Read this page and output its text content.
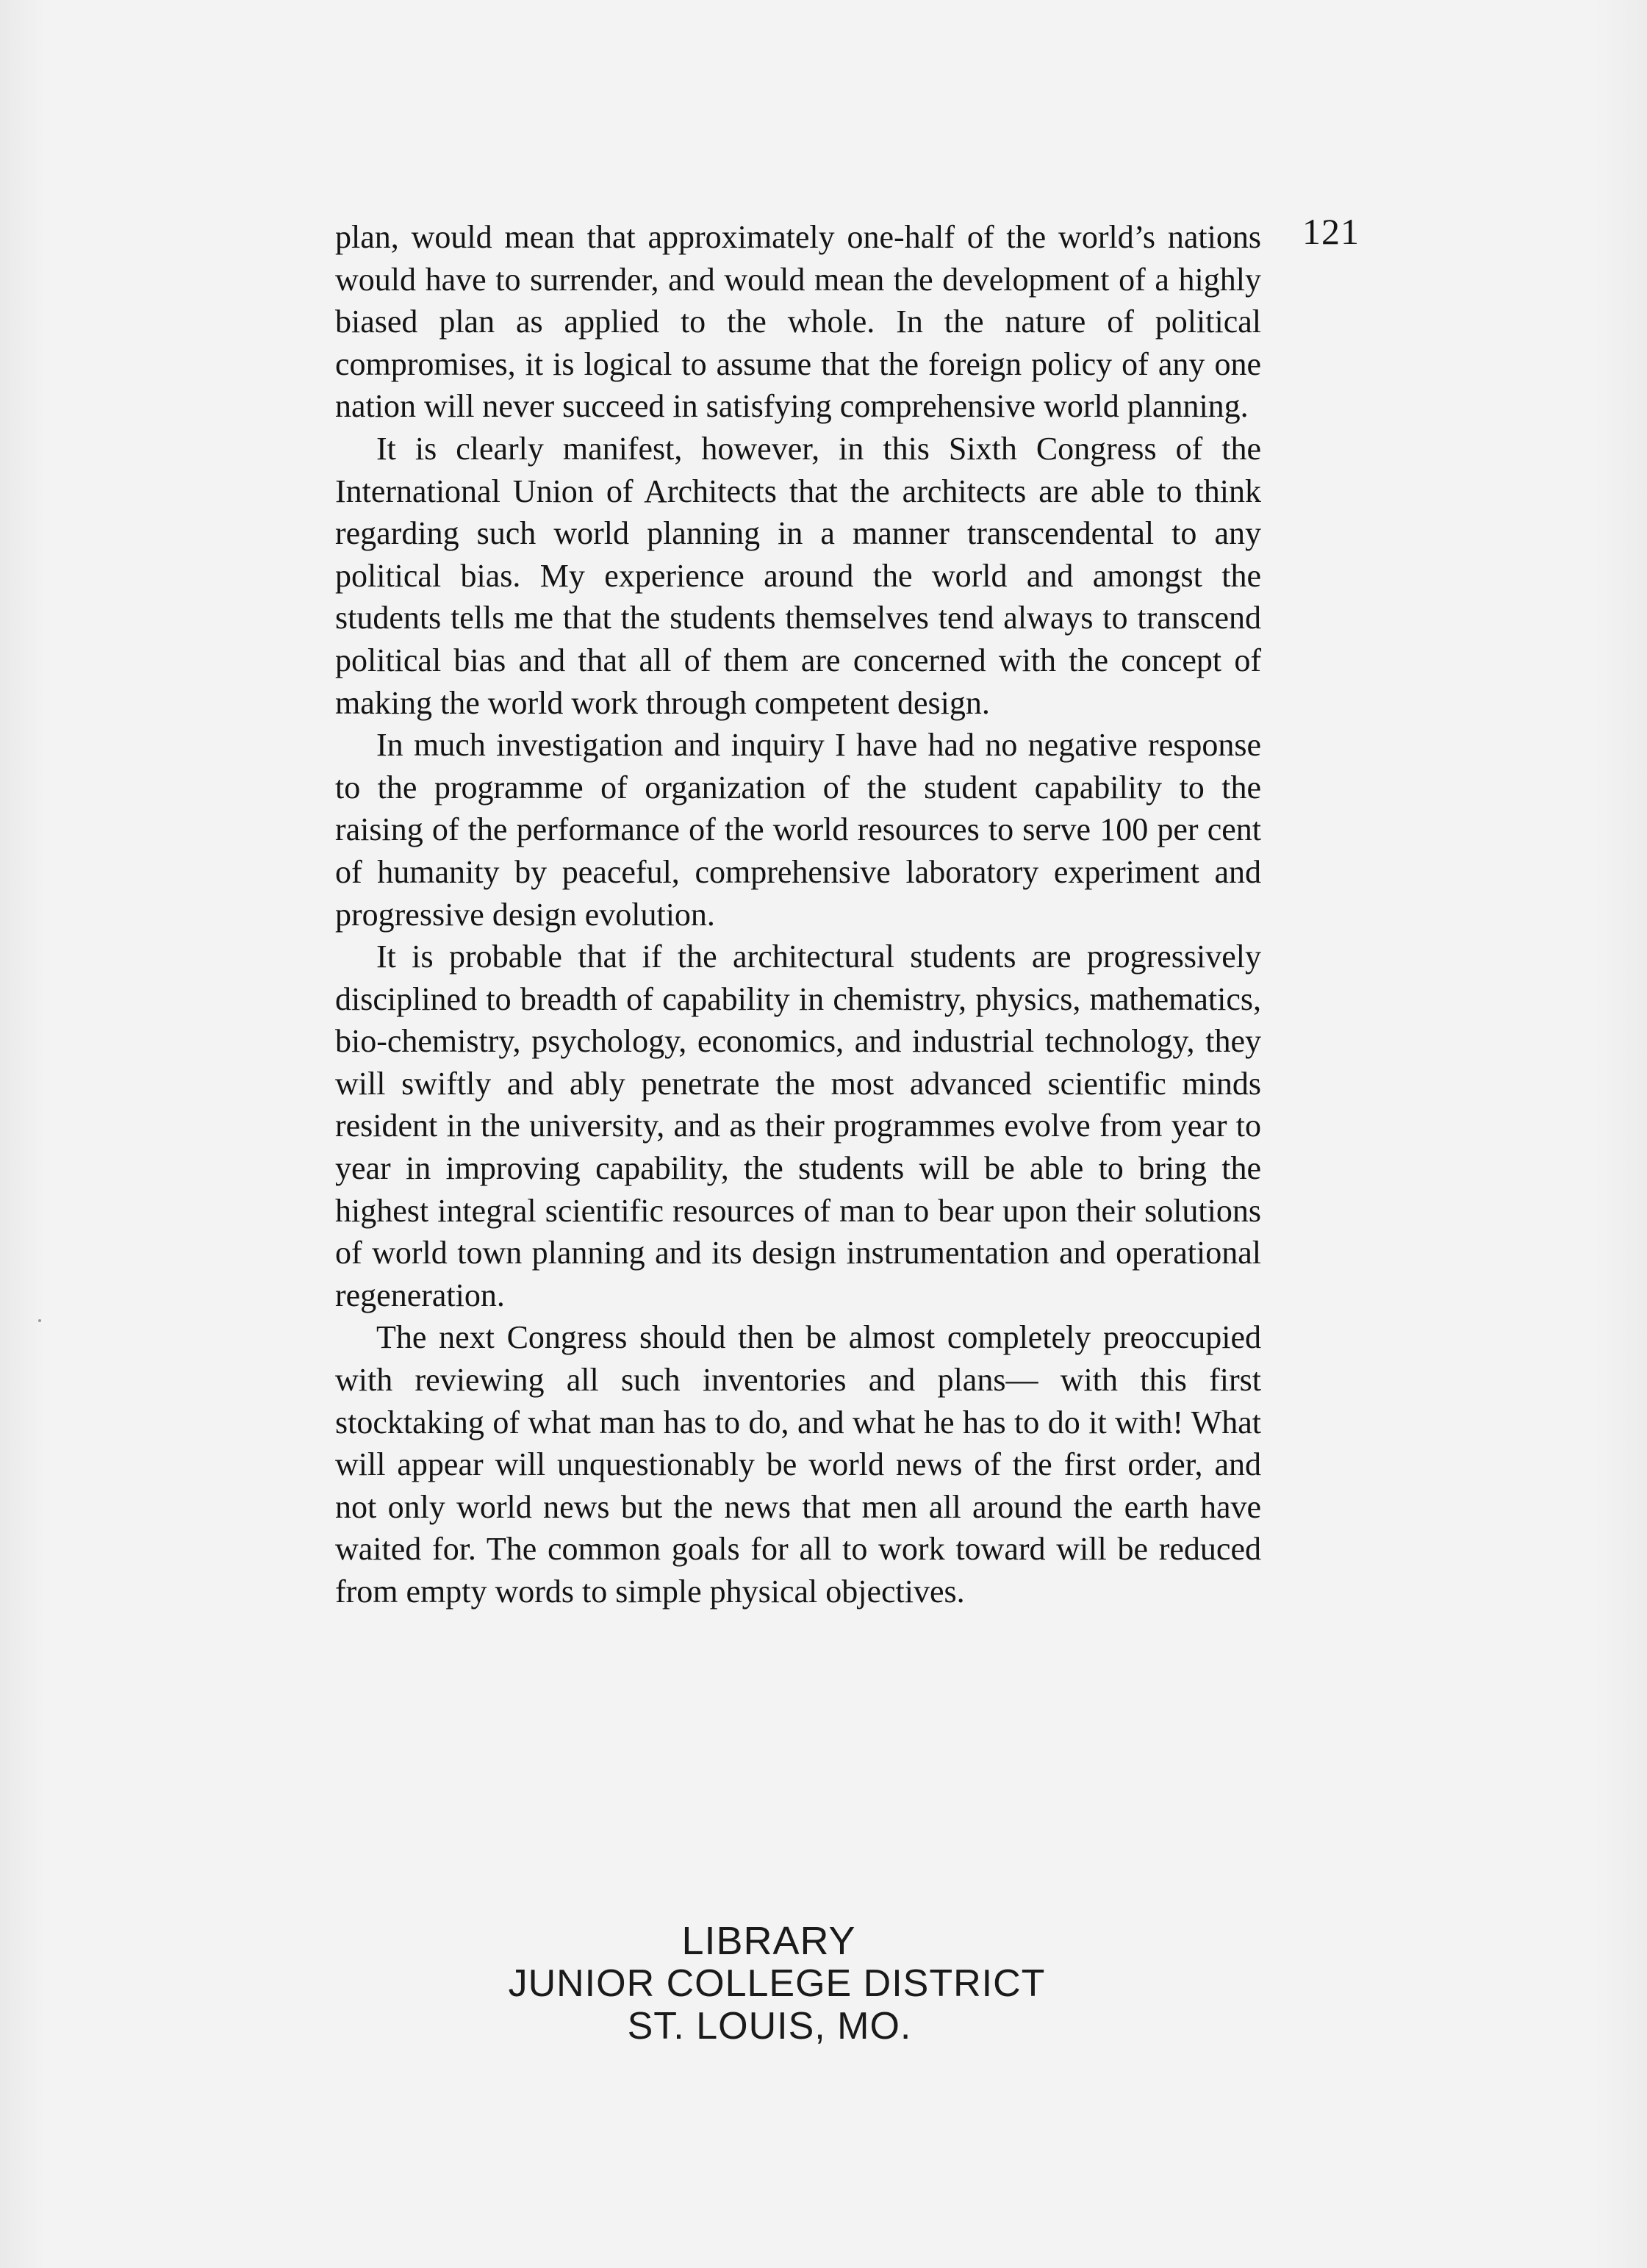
121

plan, would mean that approximately one-half of the world’s nations would have to surrender, and would mean the development of a highly biased plan as applied to the whole. In the nature of political compromises, it is logical to assume that the foreign policy of any one nation will never succeed in satisfying comprehensive world planning.

It is clearly manifest, however, in this Sixth Congress of the International Union of Architects that the architects are able to think regarding such world planning in a manner transcendental to any political bias. My experience around the world and amongst the students tells me that the students themselves tend always to transcend political bias and that all of them are concerned with the concept of making the world work through competent design.

In much investigation and inquiry I have had no negative response to the programme of organization of the student capability to the raising of the performance of the world resources to serve 100 per cent of humanity by peaceful, comprehensive laboratory experiment and progressive design evolution.

It is probable that if the architectural students are progressively disciplined to breadth of capability in chemistry, physics, mathematics, bio-chemistry, psychology, economics, and industrial technology, they will swiftly and ably penetrate the most advanced scientific minds resident in the university, and as their programmes evolve from year to year in improving capability, the students will be able to bring the highest integral scientific resources of man to bear upon their solutions of world town planning and its design instrumentation and operational regeneration.

The next Congress should then be almost completely preoccupied with reviewing all such inventories and plans— with this first stocktaking of what man has to do, and what he has to do it with! What will appear will unquestionably be world news of the first order, and not only world news but the news that men all around the earth have waited for. The common goals for all to work toward will be reduced from empty words to simple physical objectives.

LIBRARY
JUNIOR COLLEGE DISTRICT
ST. LOUIS, MO.
